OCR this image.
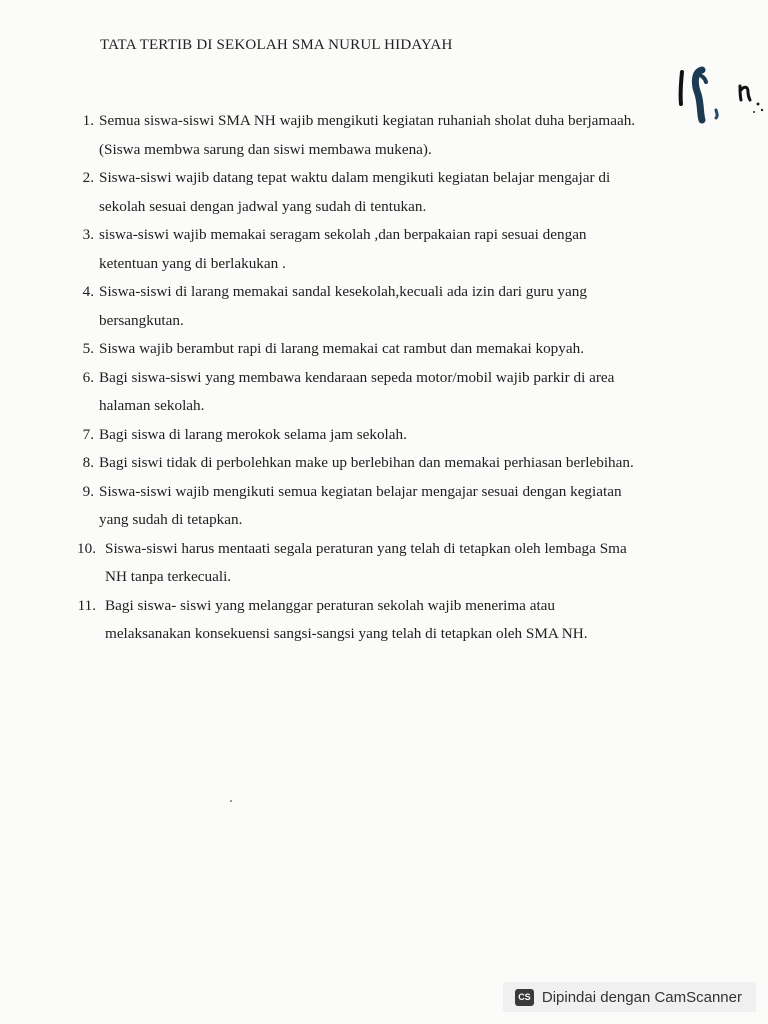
TATA TERTIB DI SEKOLAH SMA NURUL HIDAYAH
1. Semua siswa-siswi SMA NH wajib mengikuti kegiatan ruhaniah sholat duha berjamaah.
(Siswa membwa sarung dan siswi membawa mukena).
2. Siswa-siswi wajib datang tepat waktu dalam mengikuti kegiatan belajar mengajar di
sekolah sesuai dengan jadwal yang sudah di tentukan.
3. siswa-siswi wajib memakai seragam sekolah ,dan berpakaian rapi sesuai dengan
ketentuan yang di berlakukan .
4. Siswa-siswi di larang memakai sandal kesekolah,kecuali ada izin dari guru yang
bersangkutan.
5. Siswa wajib berambut rapi di larang memakai cat rambut dan memakai kopyah.
6. Bagi siswa-siswi yang membawa kendaraan sepeda motor/mobil wajib parkir di area
halaman sekolah.
7. Bagi siswa di larang merokok selama jam sekolah.
8. Bagi siswi tidak di perbolehkan make up berlebihan dan memakai perhiasan berlebihan.
9. Siswa-siswi wajib mengikuti semua kegiatan belajar mengajar sesuai dengan kegiatan
yang sudah di tetapkan.
10. Siswa-siswi harus mentaati segala peraturan yang telah di tetapkan oleh lembaga Sma
NH tanpa terkecuali.
11. Bagi siswa- siswi yang melanggar peraturan sekolah wajib menerima atau
melaksanakan konsekuensi sangsi-sangsi yang telah di tetapkan oleh SMA NH.
CS Dipindai dengan CamScanner
